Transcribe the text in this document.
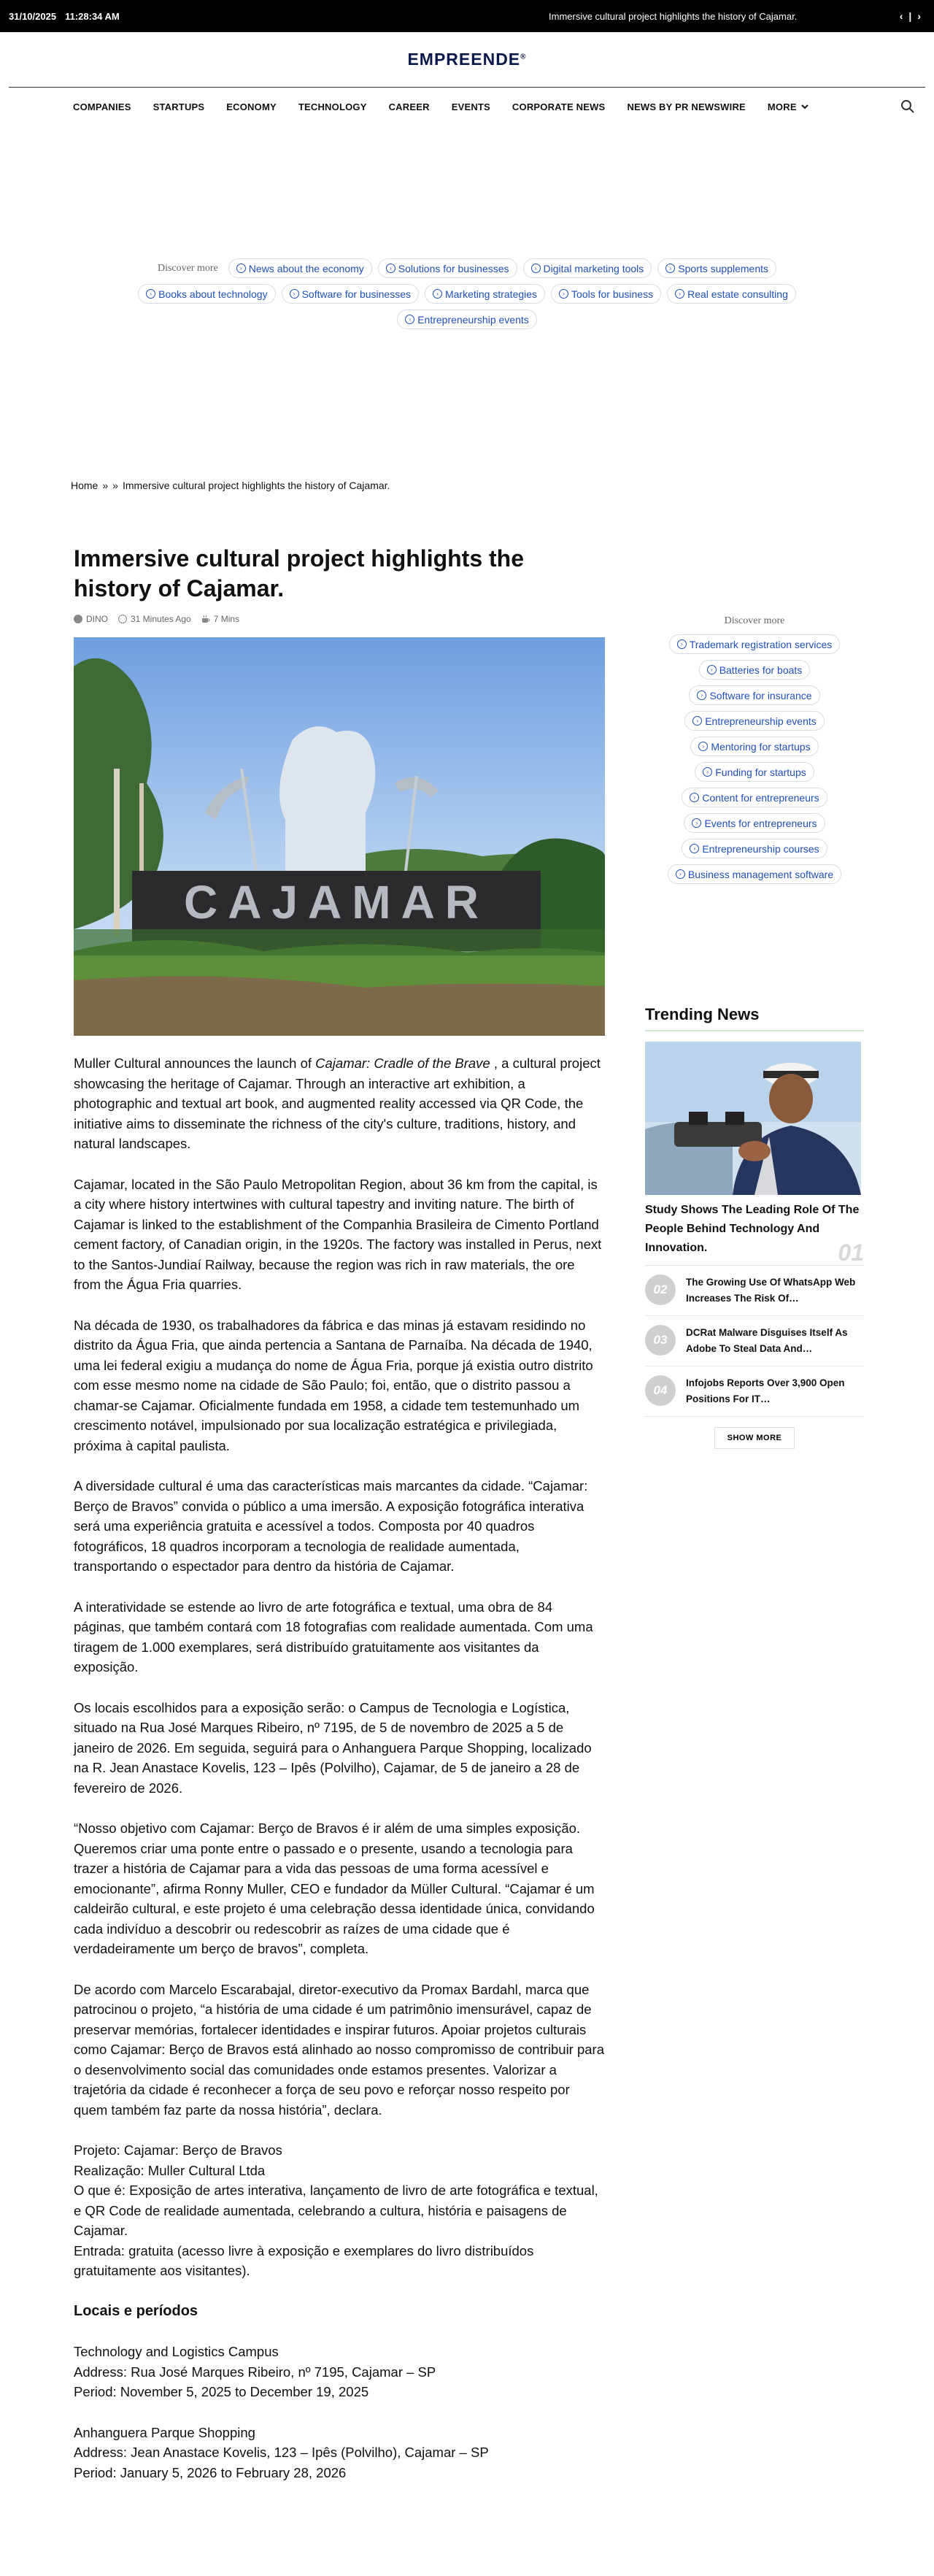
31/10/2025 11:28:34 AM	Immersive cultural project highlights the history of Cajamar.	‹ | ›
EMPREENDE®
COMPANIES STARTUPS ECONOMY TECHNOLOGY CAREER EVENTS CORPORATE NEWS NEWS BY PR NEWSWIRE MORE
Discover more	› News about the economy	› Solutions for businesses	› Digital marketing tools	› Sports supplements
› Books about technology	› Software for businesses	› Marketing strategies	› Tools for business	› Real estate consulting
› Entrepreneurship events
Home » » Immersive cultural project highlights the history of Cajamar.
Immersive cultural project highlights the history of Cajamar.
DINO	31 Minutes Ago	7 Mins
CAJAMAR

Muller Cultural announces the launch of Cajamar: Cradle of the Brave , a cultural project showcasing the heritage of Cajamar. Through an interactive art exhibition, a photographic and textual art book, and augmented reality accessed via QR Code, the initiative aims to disseminate the richness of the city's culture, traditions, history, and natural landscapes.

Cajamar, located in the São Paulo Metropolitan Region, about 36 km from the capital, is a city where history intertwines with cultural tapestry and inviting nature. The birth of Cajamar is linked to the establishment of the Companhia Brasileira de Cimento Portland cement factory, of Canadian origin, in the 1920s. The factory was installed in Perus, next to the Santos-Jundiaí Railway, because the region was rich in raw materials, the ore from the Água Fria quarries.

Na década de 1930, os trabalhadores da fábrica e das minas já estavam residindo no distrito da Água Fria, que ainda pertencia a Santana de Parnaíba. Na década de 1940, uma lei federal exigiu a mudança do nome de Água Fria, porque já existia outro distrito com esse mesmo nome na cidade de São Paulo; foi, então, que o distrito passou a chamar-se Cajamar. Oficialmente fundada em 1958, a cidade tem testemunhado um crescimento notável, impulsionado por sua localização estratégica e privilegiada, próxima à capital paulista.

A diversidade cultural é uma das características mais marcantes da cidade. “Cajamar: Berço de Bravos” convida o público a uma imersão. A exposição fotográfica interativa será uma experiência gratuita e acessível a todos. Composta por 40 quadros fotográficos, 18 quadros incorporam a tecnologia de realidade aumentada, transportando o espectador para dentro da história de Cajamar.

A interatividade se estende ao livro de arte fotográfica e textual, uma obra de 84 páginas, que também contará com 18 fotografias com realidade aumentada. Com uma tiragem de 1.000 exemplares, será distribuído gratuitamente aos visitantes da exposição.

Os locais escolhidos para a exposição serão: o Campus de Tecnologia e Logística, situado na Rua José Marques Ribeiro, nº 7195, de 5 de novembro de 2025 a 5 de janeiro de 2026. Em seguida, seguirá para o Anhanguera Parque Shopping, localizado na R. Jean Anastace Kovelis, 123 – Ipês (Polvilho), Cajamar, de 5 de janeiro a 28 de fevereiro de 2026.

“Nosso objetivo com Cajamar: Berço de Bravos é ir além de uma simples exposição. Queremos criar uma ponte entre o passado e o presente, usando a tecnologia para trazer a história de Cajamar para a vida das pessoas de uma forma acessível e emocionante”, afirma Ronny Muller, CEO e fundador da Müller Cultural. “Cajamar é um caldeirão cultural, e este projeto é uma celebração dessa identidade única, convidando cada indivíduo a descobrir ou redescobrir as raízes de uma cidade que é verdadeiramente um berço de bravos”, completa.

De acordo com Marcelo Escarabajal, diretor-executivo da Promax Bardahl, marca que patrocinou o projeto, “a história de uma cidade é um patrimônio imensurável, capaz de preservar memórias, fortalecer identidades e inspirar futuros. Apoiar projetos culturais como Cajamar: Berço de Bravos está alinhado ao nosso compromisso de contribuir para o desenvolvimento social das comunidades onde estamos presentes. Valorizar a trajetória da cidade é reconhecer a força de seu povo e reforçar nosso respeito por quem também faz parte da nossa história”, declara.

Projeto: Cajamar: Berço de Bravos
Realização: Muller Cultural Ltda
O que é: Exposição de artes interativa, lançamento de livro de arte fotográfica e textual, e QR Code de realidade aumentada, celebrando a cultura, história e paisagens de Cajamar.
Entrada: gratuita (acesso livre à exposição e exemplares do livro distribuídos gratuitamente aos visitantes).

Locais e períodos

Technology and Logistics Campus
Address: Rua José Marques Ribeiro, nº 7195, Cajamar – SP
Period: November 5, 2025 to December 19, 2025

Anhanguera Parque Shopping
Address: Jean Anastace Kovelis, 123 – Ipês (Polvilho), Cajamar – SP
Period: January 5, 2026 to February 28, 2026

Discover more
› Trademark registration services
› Batteries for boats
› Software for insurance
› Entrepreneurship events
› Mentoring for startups
› Funding for startups
› Content for entrepreneurs
› Events for entrepreneurs
› Entrepreneurship courses
› Business management software
Trending News
Study Shows The Leading Role Of The People Behind Technology And Innovation.	01
02
The Growing Use Of WhatsApp Web Increases The Risk Of…
03
DCRat Malware Disguises Itself As Adobe To Steal Data And…
04
Infojobs Reports Over 3,900 Open Positions For IT…
SHOW MORE
